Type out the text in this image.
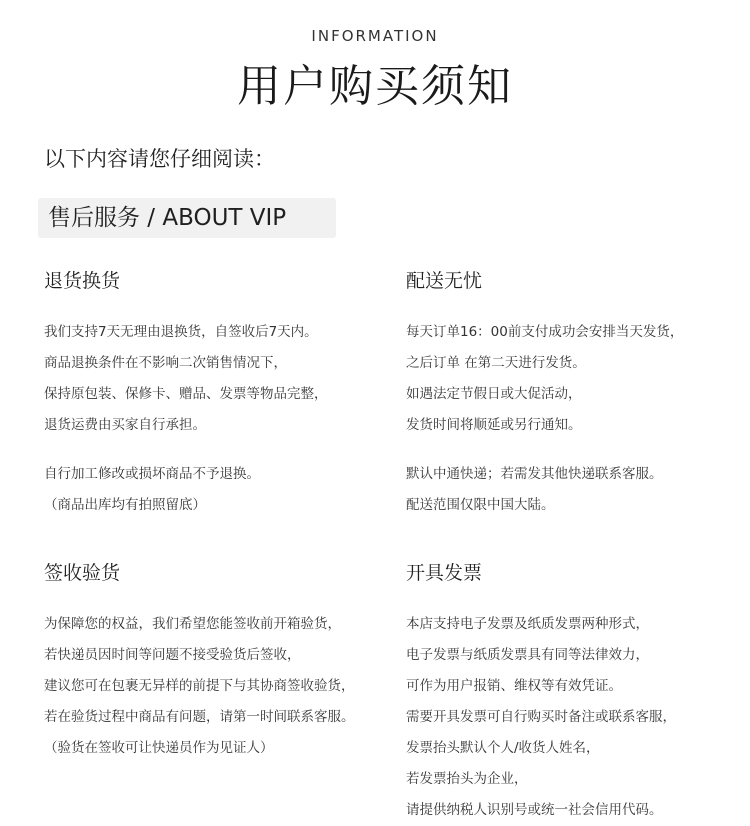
INFORMATION
用户购买须知
以下内容请您仔细阅读：
售后服务 / ABOUT VIP
退货换货
我们支持7天无理由退换货，自签收后7天内。
商品退换条件在不影响二次销售情况下，
保持原包装、保修卡、赠品、发票等物品完整，
退货运费由买家自行承担。
自行加工修改或损坏商品不予退换。
（商品出库均有拍照留底）
配送无忧
每天订单16：00前支付成功会安排当天发货，
之后订单 在第二天进行发货。
如遇法定节假日或大促活动，
发货时间将顺延或另行通知。
默认中通快递；若需发其他快递联系客服。
配送范围仅限中国大陆。
签收验货
为保障您的权益，我们希望您能签收前开箱验货，
若快递员因时间等问题不接受验货后签收，
建议您可在包裹无异样的前提下与其协商签收验货，
若在验货过程中商品有问题，请第一时间联系客服。
（验货在签收可让快递员作为见证人）
开具发票
本店支持电子发票及纸质发票两种形式，
电子发票与纸质发票具有同等法律效力，
可作为用户报销、维权等有效凭证。
需要开具发票可自行购买时备注或联系客服，
发票抬头默认个人/收货人姓名，
若发票抬头为企业，
请提供纳税人识别号或统一社会信用代码。
